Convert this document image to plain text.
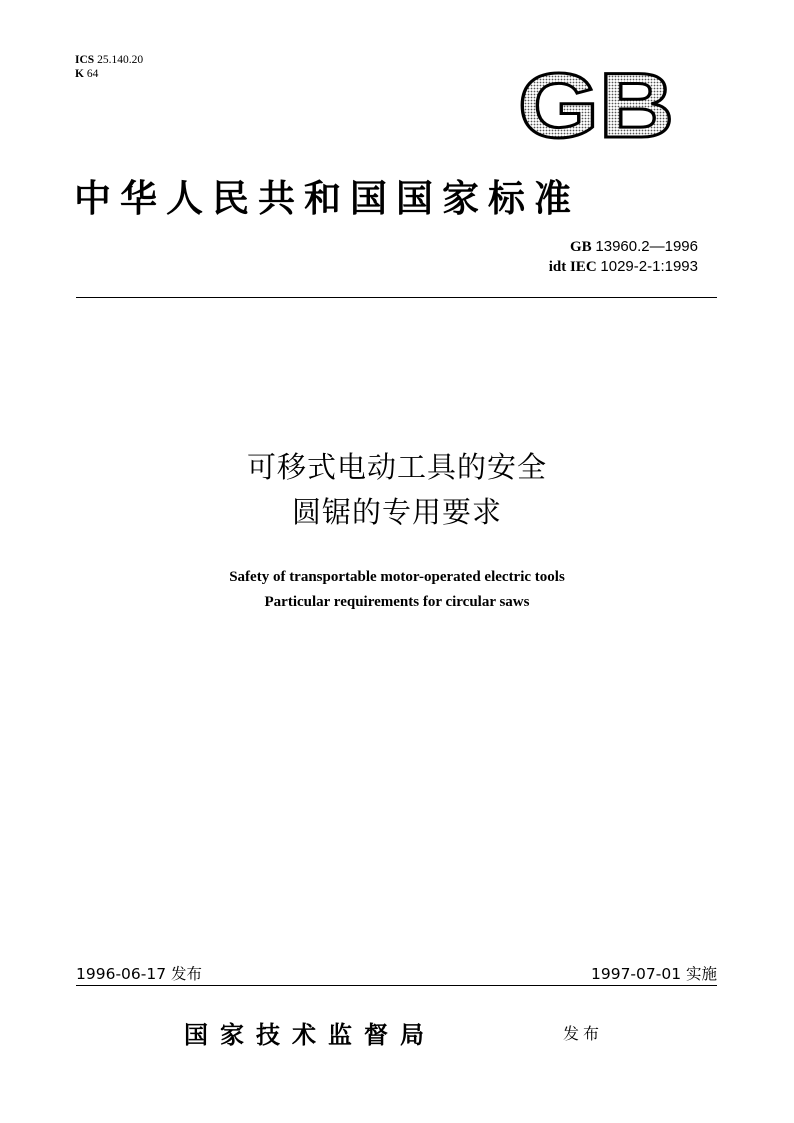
ICS 25.140.20
K 64	GB
中华人民共和国国家标准
GB 13960.2—1996
idt IEC 1029-2-1:1993
可移式电动工具的安全
圆锯的专用要求
Safety of transportable motor-operated electric tools
Particular requirements for circular saws
1996-06-17 发布	1997-07-01 实施
国家技术监督局	发布
